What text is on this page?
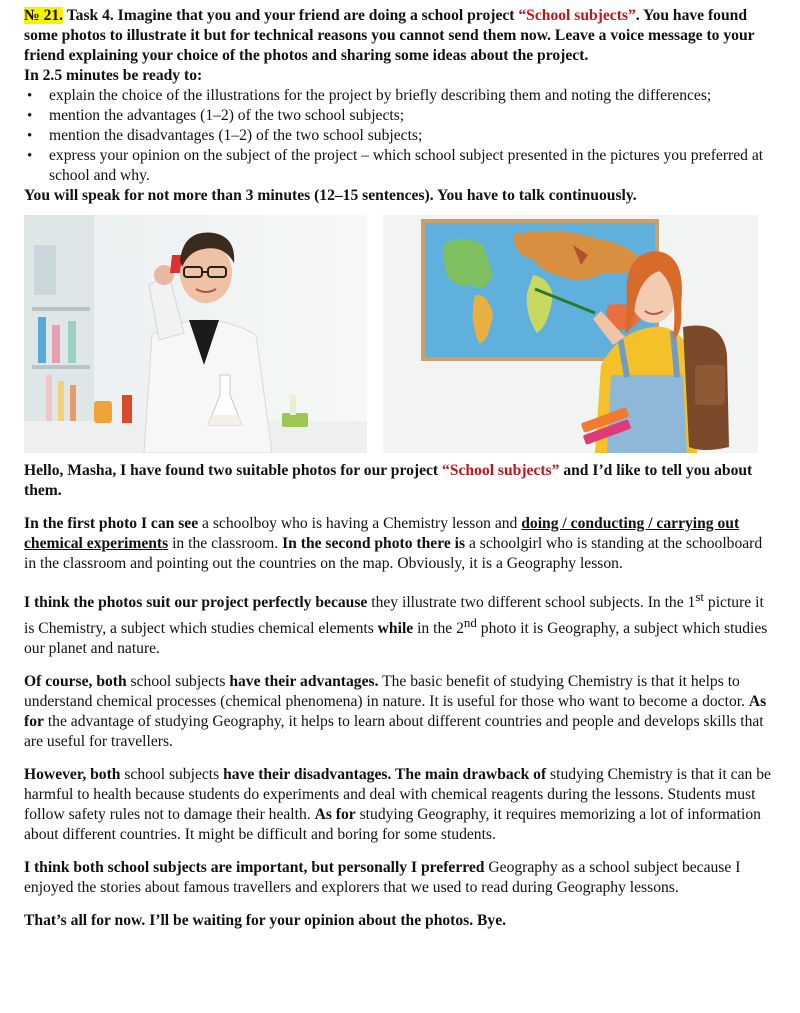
№ 21. Task 4. Imagine that you and your friend are doing a school project “School subjects”. You have found some photos to illustrate it but for technical reasons you cannot send them now. Leave a voice message to your friend explaining your choice of the photos and sharing some ideas about the project.

In 2.5 minutes be ready to:

• explain the choice of the illustrations for the project by briefly describing them and noting the differences;
• mention the advantages (1–2) of the two school subjects;
• mention the disadvantages (1–2) of the two school subjects;
• express your opinion on the subject of the project – which school subject presented in the pictures you preferred at school and why.

You will speak for not more than 3 minutes (12–15 sentences). You have to talk continuously.

Hello, Masha, I have found two suitable photos for our project “School subjects” and I’d like to tell you about them.

In the first photo I can see a schoolboy who is having a Chemistry lesson and doing / conducting / carrying out chemical experiments in the classroom. In the second photo there is a schoolgirl who is standing at the schoolboard in the classroom and pointing out the countries on the map. Obviously, it is a Geography lesson.

I think the photos suit our project perfectly because they illustrate two different school subjects. In the 1st picture it is Chemistry, a subject which studies chemical elements while in the 2nd photo it is Geography, a subject which studies our planet and nature.

Of course, both school subjects have their advantages. The basic benefit of studying Chemistry is that it helps to understand chemical processes (chemical phenomena) in nature. It is useful for those who want to become a doctor. As for the advantage of studying Geography, it helps to learn about different countries and people and develops skills that are useful for travellers.

However, both school subjects have their disadvantages. The main drawback of studying Chemistry is that it can be harmful to health because students do experiments and deal with chemical reagents during the lessons. Students must follow safety rules not to damage their health. As for studying Geography, it requires memorizing a lot of information about different countries. It might be difficult and boring for some students.

I think both school subjects are important, but personally I preferred Geography as a school subject because I enjoyed the stories about famous travellers and explorers that we used to read during Geography lessons.

That’s all for now. I’ll be waiting for your opinion about the photos. Bye.
